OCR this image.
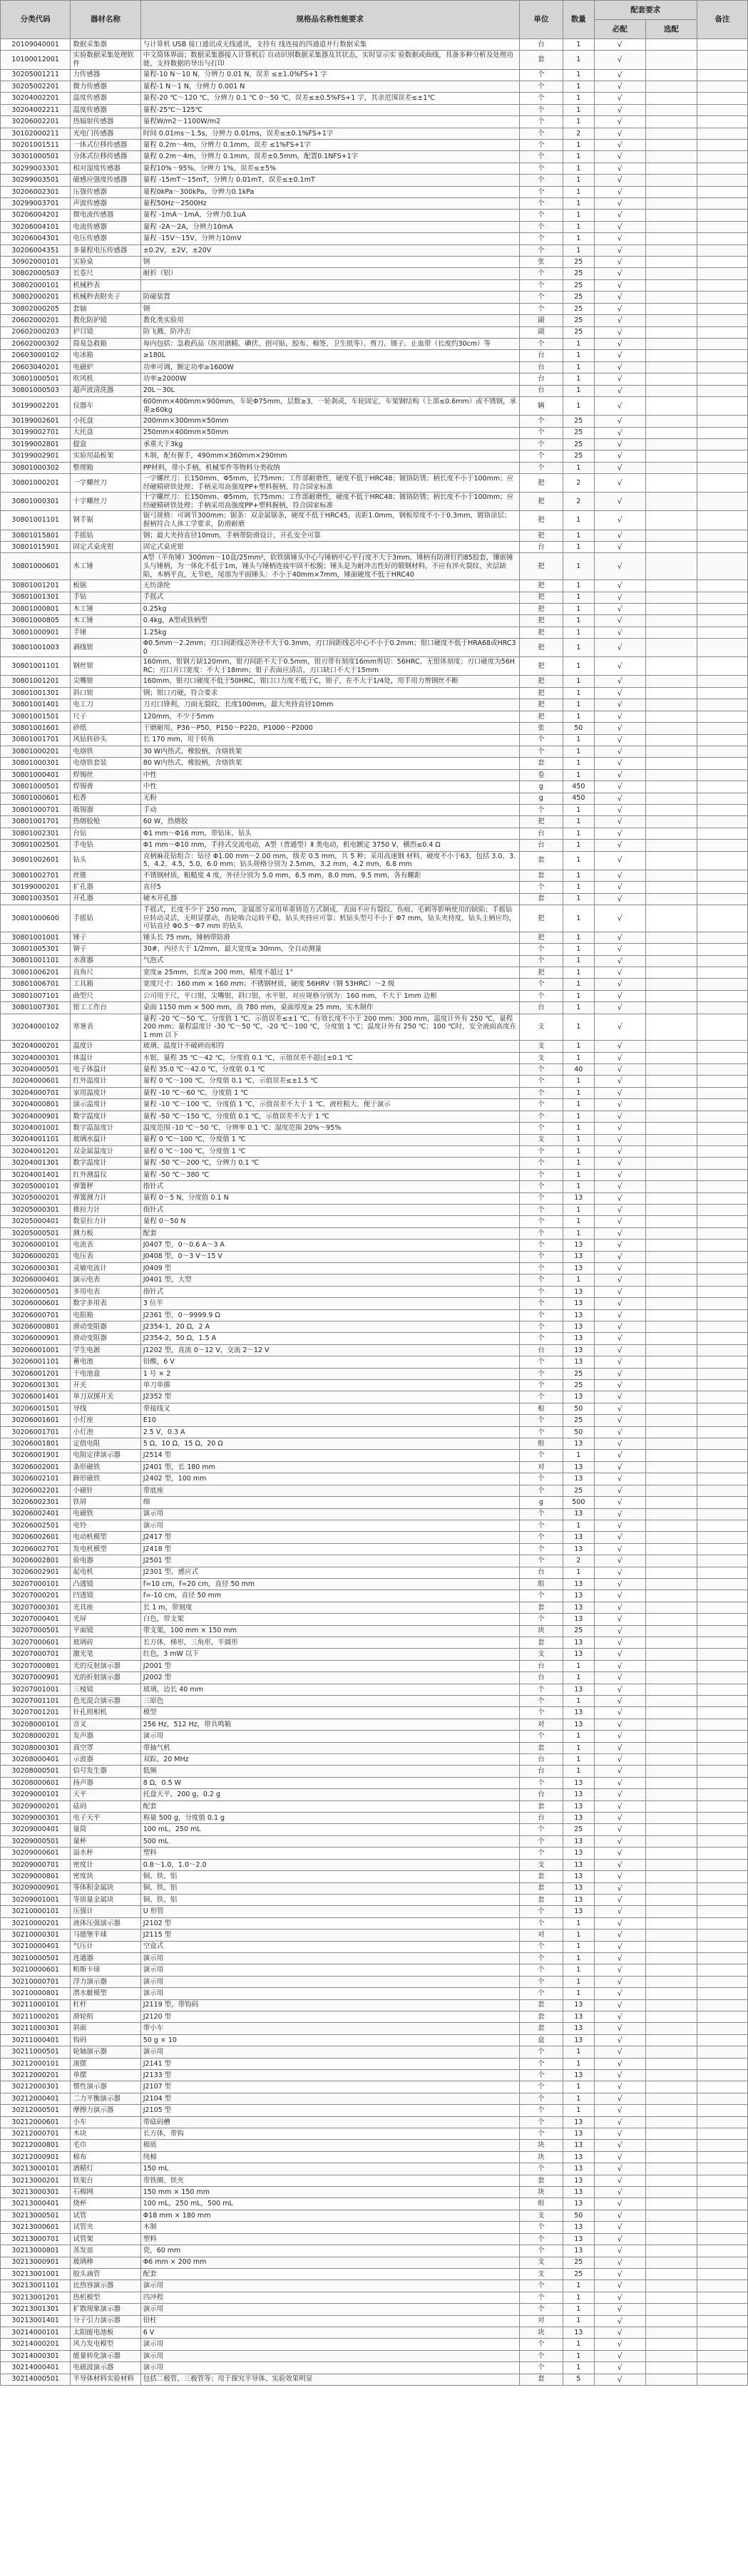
分类代码	器材名称	规格品名称性能要求	单位	数量	配套要求		备注
					必配	选配	
20109040001	数据采集器	与计算机 USB 接口通讯或无线通讯，支持有 线连接的四通道并行数据采集	台	1	√		
10100012001	实验数据采集处理软件	中文简体界面；数据采集器接入计算机后 自动识别数据采集器及其状态，实时显示实 验数据或曲线，具备多种分析及处理功能，支持数据的导出与打印	套	1	√		
30205001211	力传感器	量程-10 N～10 N，分辨力 0.01 N，误差 ≤±1.0%FS+1 字	个	1	√		
30205002201	微力传感器	量程-1 N～1 N，分辨力 0.001 N	个	1	√		
30204002201	温度传感器	量程-20 ℃～120 ℃，分辨力 0.1 ℃ 0～50 ℃，误差≤±0.5%FS+1 字，其余范围误差≤±1℃	个	1	√		
30204002211	温度传感器	量程-25℃～125℃	个	1	√		
30206002201	热辐射传感器	量程W/m2～1100W/m2	个	1	√		
30102000211	光电门传感器	时间 0.01ms～1.5s，分辨力 0.01ms，误差≤±0.1%FS+1字	个	2	√		
30201001511	一体式位移传感器	量程 0.2m～4m，分辨力 0.1mm，误差 ≤1%FS+1字	个	1	√		
30301000501	分体式位移传感器	量程 0.2m～4m，分辨力 0.1mm，误差±0.5mm，配置0.1NFS+1字	个	1	√		
30299003301	相对湿度传感器	量程10%～95%，分辨力 1%，误差≤±5%	个	1	√		
30299003501	磁感应强度传感器	量程 -15mT～15mT，分辨力 0.01mT，误差≤±0.1mT	个	1	√		
30206002301	压强传感器	量程0kPa～300kPa，分辨力0.1kPa	个	1	√		
30299003701	声波传感器	量程50Hz～2500Hz	个	1	√		
30206004201	微电流传感器	量程 -1mA～1mA，分辨力0.1uA	个	1	√		
30206004101	电流传感器	量程 -2A～2A，分辨力10mA	个	1	√		
30206004301	电压传感器	量程 -15V～15V，分辨力10mV	个	1	√		
30206004351	多量程电压传感器	±0.2V，±2V，±20V	个	1	√		
30902000101	实验桌	钢	张	25	√		
30802000503	长卷尺	耐折（铝）	个	25	√		
30802000101	机械秒表		个	25	√		
30802000201	机械秒表附夹子	防碰装置	个	25	√		
30802000205	套轴	钢	个	25	√		
20602000201	教化防护镜	教化类实验用	副	25	√		
20602000203	护目镜	防飞溅、防冲击	副	25	√		
20602000302	简易急救箱	每内包括：急救药品（医用酒精、碘伏、创可贴、胶布、棉签、卫生纸等）、剪刀、镊子、止血带（长度约30cm）等	个	1	√		
20603000102	电冰箱	≥180L	台	1	√		
20603040201	电磁炉	功率可调，额定功率≥1600W	台	1	√		
30801000501	吹风机	功率≥2000W	台	1	√		
30801000503	超声波清洗器	20L～30L	台	1	√		
30199002201	仪器车	600mm×400mm×900mm，车轮Φ75mm，层数≥3，一轮刹或，车轮固定，车架钢结构（上部≤0.6mm）或不锈钢，承重≥60kg	辆	1	√		
30199002601	小托盘	200mm×300mm×50mm	个	25	√		
30199002701	大托盘	250mm×400mm×50mm	个	25	√		
30199002801	提盒	承重大于3kg	个	25	√		
30199002901	实验用晶板架	木制，配有握手，490mm×360mm×290mm	个	25	√		
30801000302	整理箱	PP材料，带小手柄，机械零件等物料分类收纳	个	1	√		
30801000201	一字螺丝刀	一字螺丝刀：长150mm、Φ5mm，长75mm；工作部耐磨性，硬度不低于HRC48；镀铬防锈；柄长度不小于100mm；应经硬精研铁处理；手柄采用高强度PP+塑料握柄，符合国家标准	把	2	√		
30801000301	十字螺丝刀	十字螺丝刀：长150mm、Φ5mm，长75mm；工作部耐磨性，硬度不低于HRC48；镀铬防锈；柄长度不小于100mm；应经硬精研铁处理；手柄采用高强度PP+塑料握柄，符合国家标准	把	2	√		
30801001101	钢手锯	锯弓规格：可调节300mm；锯条：双金属锯条，硬度不低于HRC45，齿距1.0mm，钢板厚度不小于0.3mm，镀铬涂层；握柄符合人体工学要求，防滑耐磨	把	1	√		
30801015801	手摇钻	钢；最大夹持直径10mm，手柄带防滑设计，开孔安全可靠	把	1	√		
30801015901	固定式桌虎钳	固定式桌虎钳	台	1	√		
30801000601	木工锤	A型（羊角锤）300mm～10盒/25mm²，软铁镇锤头中心与锤柄中心平行度不大于3mm，锤柄有防滑钉约85胶套，镶嵌锤头与锤柄，为一体化不低于1m，锤头与锤柄连接牢固不松脱；锤头是为耐冲击性好的锻钢材料，不应有淬火裂纹、夹层缺陷，木柄平直，无节疤，尾部为平面锤头：不小于40mm×7mm，锤面硬度不低于HRC40	把	1	√		
30801001201	板锯	无纺涤纶	把	1	√		
30801001301	手钻	手摇式	把	1	√		
30801000801	木工锤	0.25kg	把	1	√		
30801000805	木工锤	0.4kg，A型或铁柄型	把	1	√		
30801000901	手锤	1.25kg	把	1	√		
30801001003	剥线钳	Φ0.5mm～2.2mm；刃口间距线芯外径不大于0.3mm，刃口间距线芯中心不小于0.2mm；钳口硬度不低于HRA68或HRC30	把	1	√		
30801001101	钢丝钳	160mm，钳钢方缺120mm，钳刃间距不大于0.5mm，钳刃带有刻度16mm剪切：56HRC，无钳体刻度；刃口硬度为56HRC；刃口开口宽度：不大于18mm；钳子表面应清洁，刃口缺口不大于15mm	把	1	√		
30801001201	尖嘴钳	160mm，钳刃口硬度不低于50HRC，钳口口力度不低于C，钳子，在不大于1/4处，用手用力剪钢丝不断	把	1	√		
30801001301	斜口钳	钢；钳口刃硬，符合要求	把	1	√		
30801001401	电工刀	刀刃口锋利，刀面无裂纹，长度100mm，最大夹持直径10mm	把	1	√		
30801001501	尺子	120mm，不少于5mm	把	1	√		
30801001601	砂纸	干磨耐用，P36～P50、P150～P220、P1000～P2000	张	50	√		
30801001701	风钻转砂头	长 170 mm，用于转角	个	1	√		
30801000201	电烙铁	30 W内热式，橡胶柄，含烙铁架	个	1	√		
30801000301	电烙铁套装	80 W内热式，橡胶柄，含烙铁架	套	1	√		
30801000401	焊锡丝	中性	卷	1	√		
30801000501	焊锡膏	中性	g	450	√		
30801000601	松香	无粉	g	450	√		
30801000701	吸锡器	手动	个	1	√		
30801001701	热熔胶枪	60 W，热熔胶	把	1	√		
30801002301	台钻	Φ1 mm～Φ16 mm，带钻床、钻头	台	1	√		
30801002501	手电钻	Φ1 mm～Φ10 mm，手持式交流电动，A型（普通型）Ⅱ 类电动，机电额定 3750 V，横烈≤0.4 Ω	台	1	√		
30801002601	钻头	直柄麻花钻组合：钻径 Φ1.00 mm～2.00 mm，级差 0.5 mm，共 5 种；采用高速钢 材料，硬度不小于63，包括 3.0，3.5，4.2，4.5，5.0，6.0 mm；钻头规格分别为 2.5mm，3.2 mm，4.2 mm，6.8 mm	套	1	√		
30801002701	丝锥	不锈钢材质，粗糙度 4 度，外径分别为 5.0 mm，6.5 mm，8.0 mm，9.5 mm，各有螺距	套	1	√		
30199000201	扩孔器	直径5	个	1	√		
30801003501	开孔器	硬木开孔器	套	1	√		
30801000600	手摇钻	手摇式，长度不少于 250 mm，金属部分采用单重铸造方式制成，表面不应有裂纹、伤痕、毛刺等影响使用的缺陷；手摇钻应转动灵活，无明显摆动，齿轮啮合运转平稳，钻头夹持应可靠；机钻头型号不小于 Φ7 mm，钻头夹持度，钻头主柄应均，可钻直径 Φ0.5～Φ7 mm 的钻头	把	1	√		
30801001001	锤子	锤头长 75 mm，锤柄带防滑	把	1	√		
30801005301	铆子	30#，内径大于 1/2mm，最大宽度≥ 30mm，全自动测量	个	1	√		
30801001101	水准器	气泡式	个	1	√		
30801006201	直角尺	宽度≥ 25mm，长度≥ 200 mm，精度不超过 1°	把	1	√		
30801006701	工具箱	宽度尺寸：160 mm × 160 mm；不锈钢材质，硬度 56HRV（钢 53HRC）～2 级	个	1	√		
30801007101	曲型尺	公司用于尺，平口钳，尖嘴钳，斜口钳，水平钳，对应规格分别为：160 mm，不大于 1mm 边框	个	1	√		
30801007301	钳工工作台	桌面 1150 mm × 500 mm，高 780 mm，桌面厚度≥ 25 mm，实木制作	台	1	√		
30204000102	寒暑表	量程 -20 ℃～50 ℃，分度值 1 ℃，示值误差≤±1 ℃，有效长度不小于 200 mm；300 mm，温度计外有 250 ℃，量程 200 mm；量程温度计 -30 ℃～50 ℃，-20 ℃～100 ℃，分度值 1 ℃；温度计外有 250 ℃；100 ℃时，安全液面高度在 1 mm 以下	支	1	√		
30204000201	温度计	玻璃、温度计不破碎而相符	支	1	√		
30204000301	体温计	水银，量程 35 ℃～42 ℃，分度值 0.1 ℃，示值误差不超过±0.1 ℃	支	1	√		
30204000501	电子体温计	量程 35.0 ℃～42.0 ℃，分度值 0.1 ℃	个	40	√		
30204000601	红外温度计	量程 0 ℃～100 ℃，分度值 0.1 ℃，示值误差≤±1.5 ℃	个	1	√		
30204000701	家用温度计	量程 -10 ℃～60 ℃，分度值 1 ℃	个	1	√		
30204000801	演示温度计	量程 -10 ℃～100 ℃，分度值 1 ℃，示值误差不大于 1 ℃，液柱粗大，便于演示	个	1	√		
30204000901	数字温度计	量程 -50 ℃～150 ℃，分度值 0.1 ℃，示值误差不大于 1 ℃	个	1	√		
30204001001	数字温湿度计	温度范围 -10 ℃～50 ℃，分辨率 0.1 ℃；湿度范围 20%～95%	个	1	√		
30204001101	玻璃水温计	量程 0 ℃～100 ℃，分度值 1 ℃	支	1	√		
30204001201	双金属温度计	量程 0 ℃～100 ℃，分度值 1 ℃	个	1	√		
30204001301	数字温度计	量程 -50 ℃～200 ℃，分辨力 0.1 ℃	个	1	√		
30204001401	红外测温仪	量程 -50 ℃～380 ℃	个	1	√		
30205000101	弹簧秤	指针式	个	1	√		
30205000201	弹簧测力计	量程 0～5 N，分度值 0.1 N	个	13	√		
30205000301	推拉力计	指针式	个	1	√		
30205000401	数显拉力计	量程 0～50 N	个	1	√		
30205000501	测力板	配套	个	1	√		
30206000101	电流表	J0407 型，0～0.6 A～3 A	个	13	√		
30206000201	电压表	J0408 型，0～3 V～15 V	个	13	√		
30206000301	灵敏电流计	J0409 型	个	13	√		
30206000401	演示电表	J0401 型，大型	个	1	√		
30206000501	多用电表	指针式	个	13	√		
30206000601	数字多用表	3 位半	个	13	√		
30206000701	电阻箱	J2361 型，0～9999.9 Ω	个	13	√		
30206000801	滑动变阻器	J2354-1，20 Ω，2 A	个	13	√		
30206000901	滑动变阻器	J2354-2，50 Ω，1.5 A	个	13	√		
30206001001	学生电源	J1202 型，直流 0～12 V，交流 2～12 V	台	13	√		
30206001101	蓄电池	铅酸，6 V	个	13	√		
30206001201	干电池盒	1 号 × 2	个	25	√		
30206001301	开关	单刀单掷	个	25	√		
30206001401	单刀双掷开关	J2352 型	个	13	√		
30206001501	导线	带接线叉	根	50	√		
30206001601	小灯座	E10	个	25	√		
30206001701	小灯泡	2.5 V，0.3 A	个	50	√		
30206001801	定值电阻	5 Ω，10 Ω，15 Ω，20 Ω	组	13	√		
30206001901	电阻定律演示器	J2514 型	个	1	√		
30206002001	条形磁铁	J2401 型，长 180 mm	对	13	√		
30206002101	蹄形磁铁	J2402 型，100 mm	个	13	√		
30206002201	小磁针	带底座	个	25	√		
30206002301	铁屑	细	g	500	√		
30206002401	电磁铁	演示用	个	13	√		
30206002501	电铃	演示用	个	1	√		
30206002601	电动机模型	J2417 型	个	13	√		
30206002701	发电机模型	J2418 型	个	13	√		
30206002801	验电器	J2501 型	个	2	√		
30206002901	起电机	J2301 型，感应式	台	1	√		
30207000101	凸透镜	f=10 cm，f=20 cm，直径 50 mm	组	13	√		
30207000201	凹透镜	f=-10 cm，直径 50 mm	个	13	√		
30207000301	光具座	长 1 m，带刻度	套	13	√		
30207000401	光屏	白色，带支架	个	13	√		
30207000501	平面镜	带支架，100 mm × 150 mm	块	25	√		
30207000601	玻璃砖	长方体，梯形，三角形，半圆形	套	13	√		
30207000701	激光笔	红色，3 mW 以下	支	13	√		
30207000801	光的反射演示器	J2001 型	台	1	√		
30207000901	光的折射演示器	J2002 型	台	1	√		
30207001001	三棱镜	玻璃，边长 40 mm	个	13	√		
30207001101	色光混合演示器	三原色	个	1	√		
30207001201	针孔照相机	模型	个	13	√		
30208000101	音叉	256 Hz，512 Hz，带共鸣箱	对	13	√		
30208000201	发声器	演示用	个	1	√		
30208000301	真空罩	带抽气机	套	1	√		
30208000401	示波器	双踪，20 MHz	台	1	√		
30208000501	信号发生器	低频	台	1	√		
30208000601	扬声器	8 Ω，0.5 W	个	13	√		
30209000101	天平	托盘天平，200 g，0.2 g	台	13	√		
30209000201	砝码	配套	套	13	√		
30209000301	电子天平	称量 500 g，分度值 0.1 g	台	13	√		
30209000401	量筒	100 mL，250 mL	个	25	√		
30209000501	量杯	500 mL	个	13	√		
30209000601	溢水杯	塑料	个	13	√		
30209000701	密度计	0.8～1.0，1.0～2.0	支	13	√		
30209000801	密度块	铜、铁、铝	套	13	√		
30209000901	等体积金属块	铜、铁、铝	套	13	√		
30209001001	等质量金属块	铜、铁、铝	套	13	√		
30210000101	压强计	U 形管	个	13	√		
30210000201	液体压强演示器	J2102 型	个	1	√		
30210000301	马德堡半球	J2115 型	对	1	√		
30210000401	气压计	空盒式	个	1	√		
30210000501	连通器	演示用	个	1	√		
30210000601	帕斯卡球	演示用	个	1	√		
30210000701	浮力演示器	演示用	个	1	√		
30210000801	潜水艇模型	演示用	个	1	√		
30211000101	杠杆	J2119 型，带钩码	套	13	√		
30211000201	滑轮组	J2120 型	套	13	√		
30211000301	斜面	带小车	套	13	√		
30211000401	钩码	50 g × 10	盒	13	√		
30211000501	轮轴演示器	演示用	个	1	√		
30212000101	滚摆	J2141 型	个	1	√		
30212000201	单摆	J2133 型	个	13	√		
30212000301	惯性演示器	J2107 型	个	1	√		
30212000401	二力平衡演示器	J2104 型	个	1	√		
30212000501	摩擦力演示器	J2105 型	个	1	√		
30212000601	小车	带砝码槽	个	13	√		
30212000701	木块	长方体，带钩	个	13	√		
30212000801	毛巾	棉质	块	13	√		
30212000901	棉布	纯棉	块	13	√		
30213000101	酒精灯	150 mL	个	13	√		
30213000201	铁架台	带铁圈、铁夹	套	13	√		
30213000301	石棉网	150 mm × 150 mm	块	13	√		
30213000401	烧杯	100 mL，250 mL，500 mL	组	13	√		
30213000501	试管	Φ18 mm × 180 mm	支	50	√		
30213000601	试管夹	木制	个	13	√		
30213000701	试管架	塑料	个	13	√		
30213000801	蒸发皿	瓷，60 mm	个	13	√		
30213000901	玻璃棒	Φ6 mm × 200 mm	支	25	√		
30213001001	胶头滴管	配套	支	25	√		
30213001101	比热容演示器	演示用	个	1	√		
30213001201	热机模型	四冲程	个	1	√		
30213001301	扩散现象演示器	演示用	个	1	√		
30213001401	分子引力演示器	铅柱	对	1	√		
30214000101	太阳能电池板	6 V	块	13	√		
30214000201	风力发电模型	演示用	个	1	√		
30214000301	能量转化演示器	演示用	个	1	√		
30214000401	电磁波演示器	演示用	个	1	√		
30214000501	半导体材料实验材料	包括二极管、三极管等；用于探究半导体、实验效果明显	套	5	√		
